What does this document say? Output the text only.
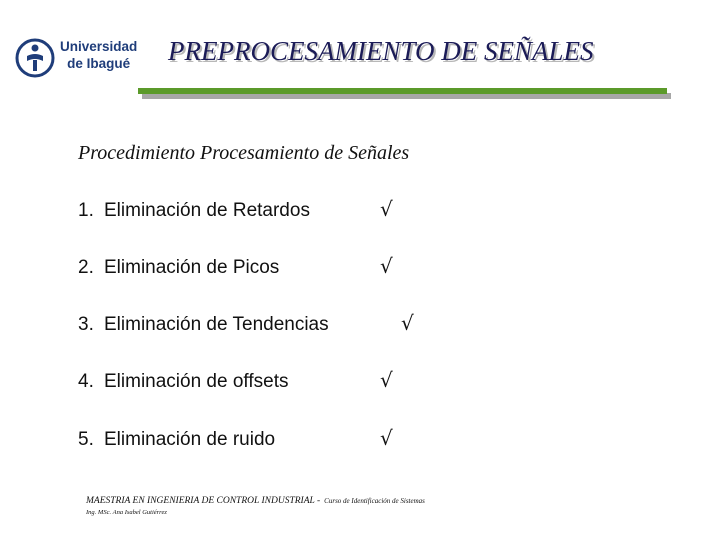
Universidad
de Ibagué PREPROCESAMIENTO DE SEÑALES
Procedimiento Procesamiento de Señales
1. Eliminación de Retardos	√
2. Eliminación de Picos	√
3. Eliminación de Tendencias	√
4. Eliminación de offsets	√
5. Eliminación de ruido	√
MAESTRIA EN INGENIERIA DE CONTROL INDUSTRIAL - Curso de Identificación de Sistemas
Ing. MSc. Ana Isabel Gutiérrez
